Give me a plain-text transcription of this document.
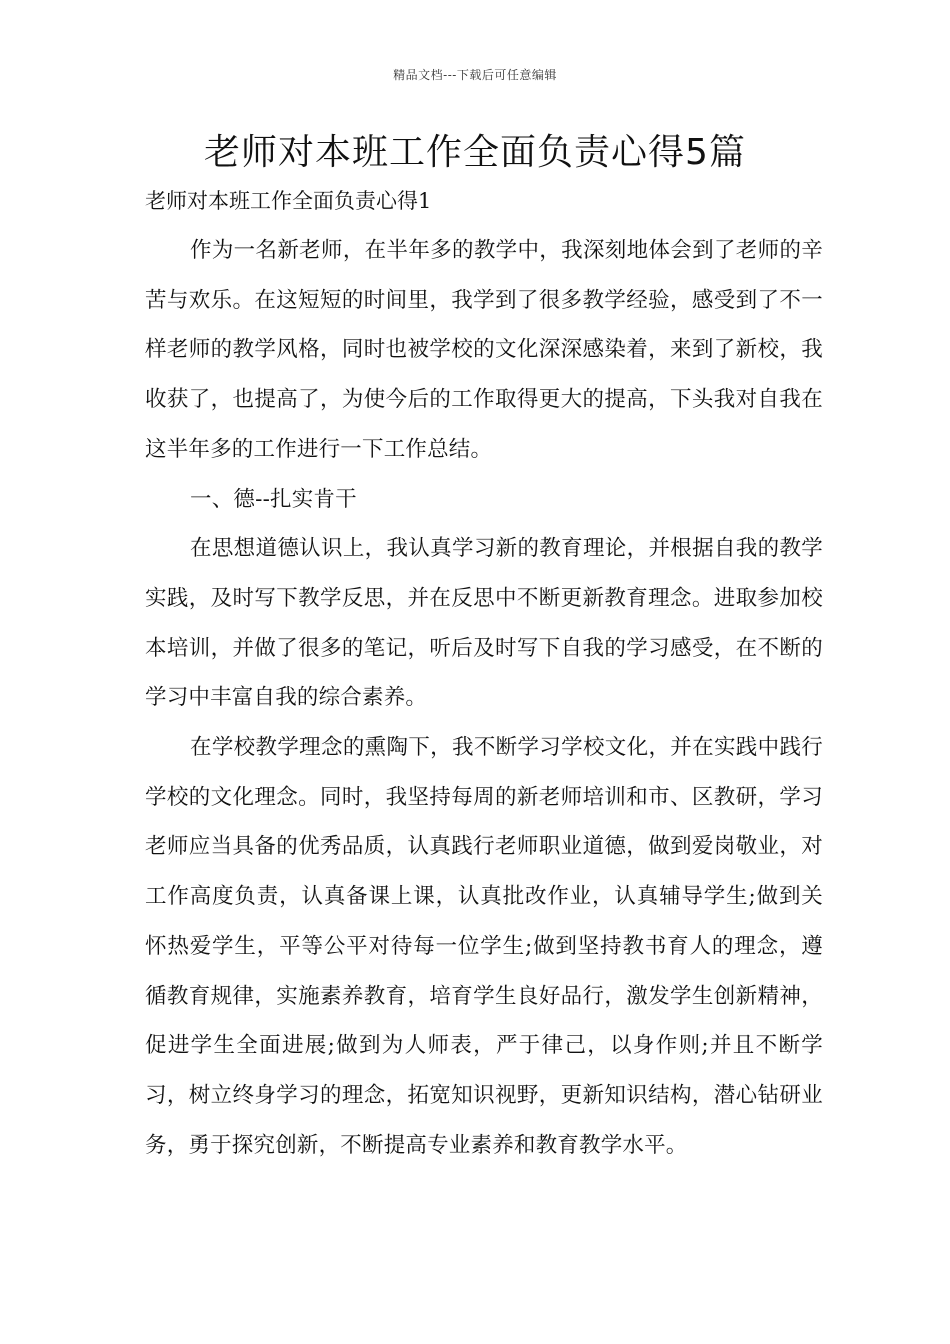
精品文档---下载后可任意编辑
老师对本班工作全面负责心得5篇
老师对本班工作全面负责心得1

作为一名新老师，在半年多的教学中，我深刻地体会到了老师的辛苦与欢乐。在这短短的时间里，我学到了很多教学经验，感受到了不一样老师的教学风格，同时也被学校的文化深深感染着，来到了新校，我收获了，也提高了，为使今后的工作取得更大的提高，下头我对自我在这半年多的工作进行一下工作总结。

一、德--扎实肯干

在思想道德认识上，我认真学习新的教育理论，并根据自我的教学实践，及时写下教学反思，并在反思中不断更新教育理念。进取参加校本培训，并做了很多的笔记，听后及时写下自我的学习感受，在不断的学习中丰富自我的综合素养。

在学校教学理念的熏陶下，我不断学习学校文化，并在实践中践行学校的文化理念。同时，我坚持每周的新老师培训和市、区教研，学习老师应当具备的优秀品质，认真践行老师职业道德，做到爱岗敬业，对工作高度负责，认真备课上课，认真批改作业，认真辅导学生;做到关怀热爱学生，平等公平对待每一位学生;做到坚持教书育人的理念，遵循教育规律，实施素养教育，培育学生良好品行，激发学生创新精神，促进学生全面进展;做到为人师表，严于律己，以身作则;并且不断学习，树立终身学习的理念，拓宽知识视野，更新知识结构，潜心钻研业务，勇于探究创新，不断提高专业素养和教育教学水平。
